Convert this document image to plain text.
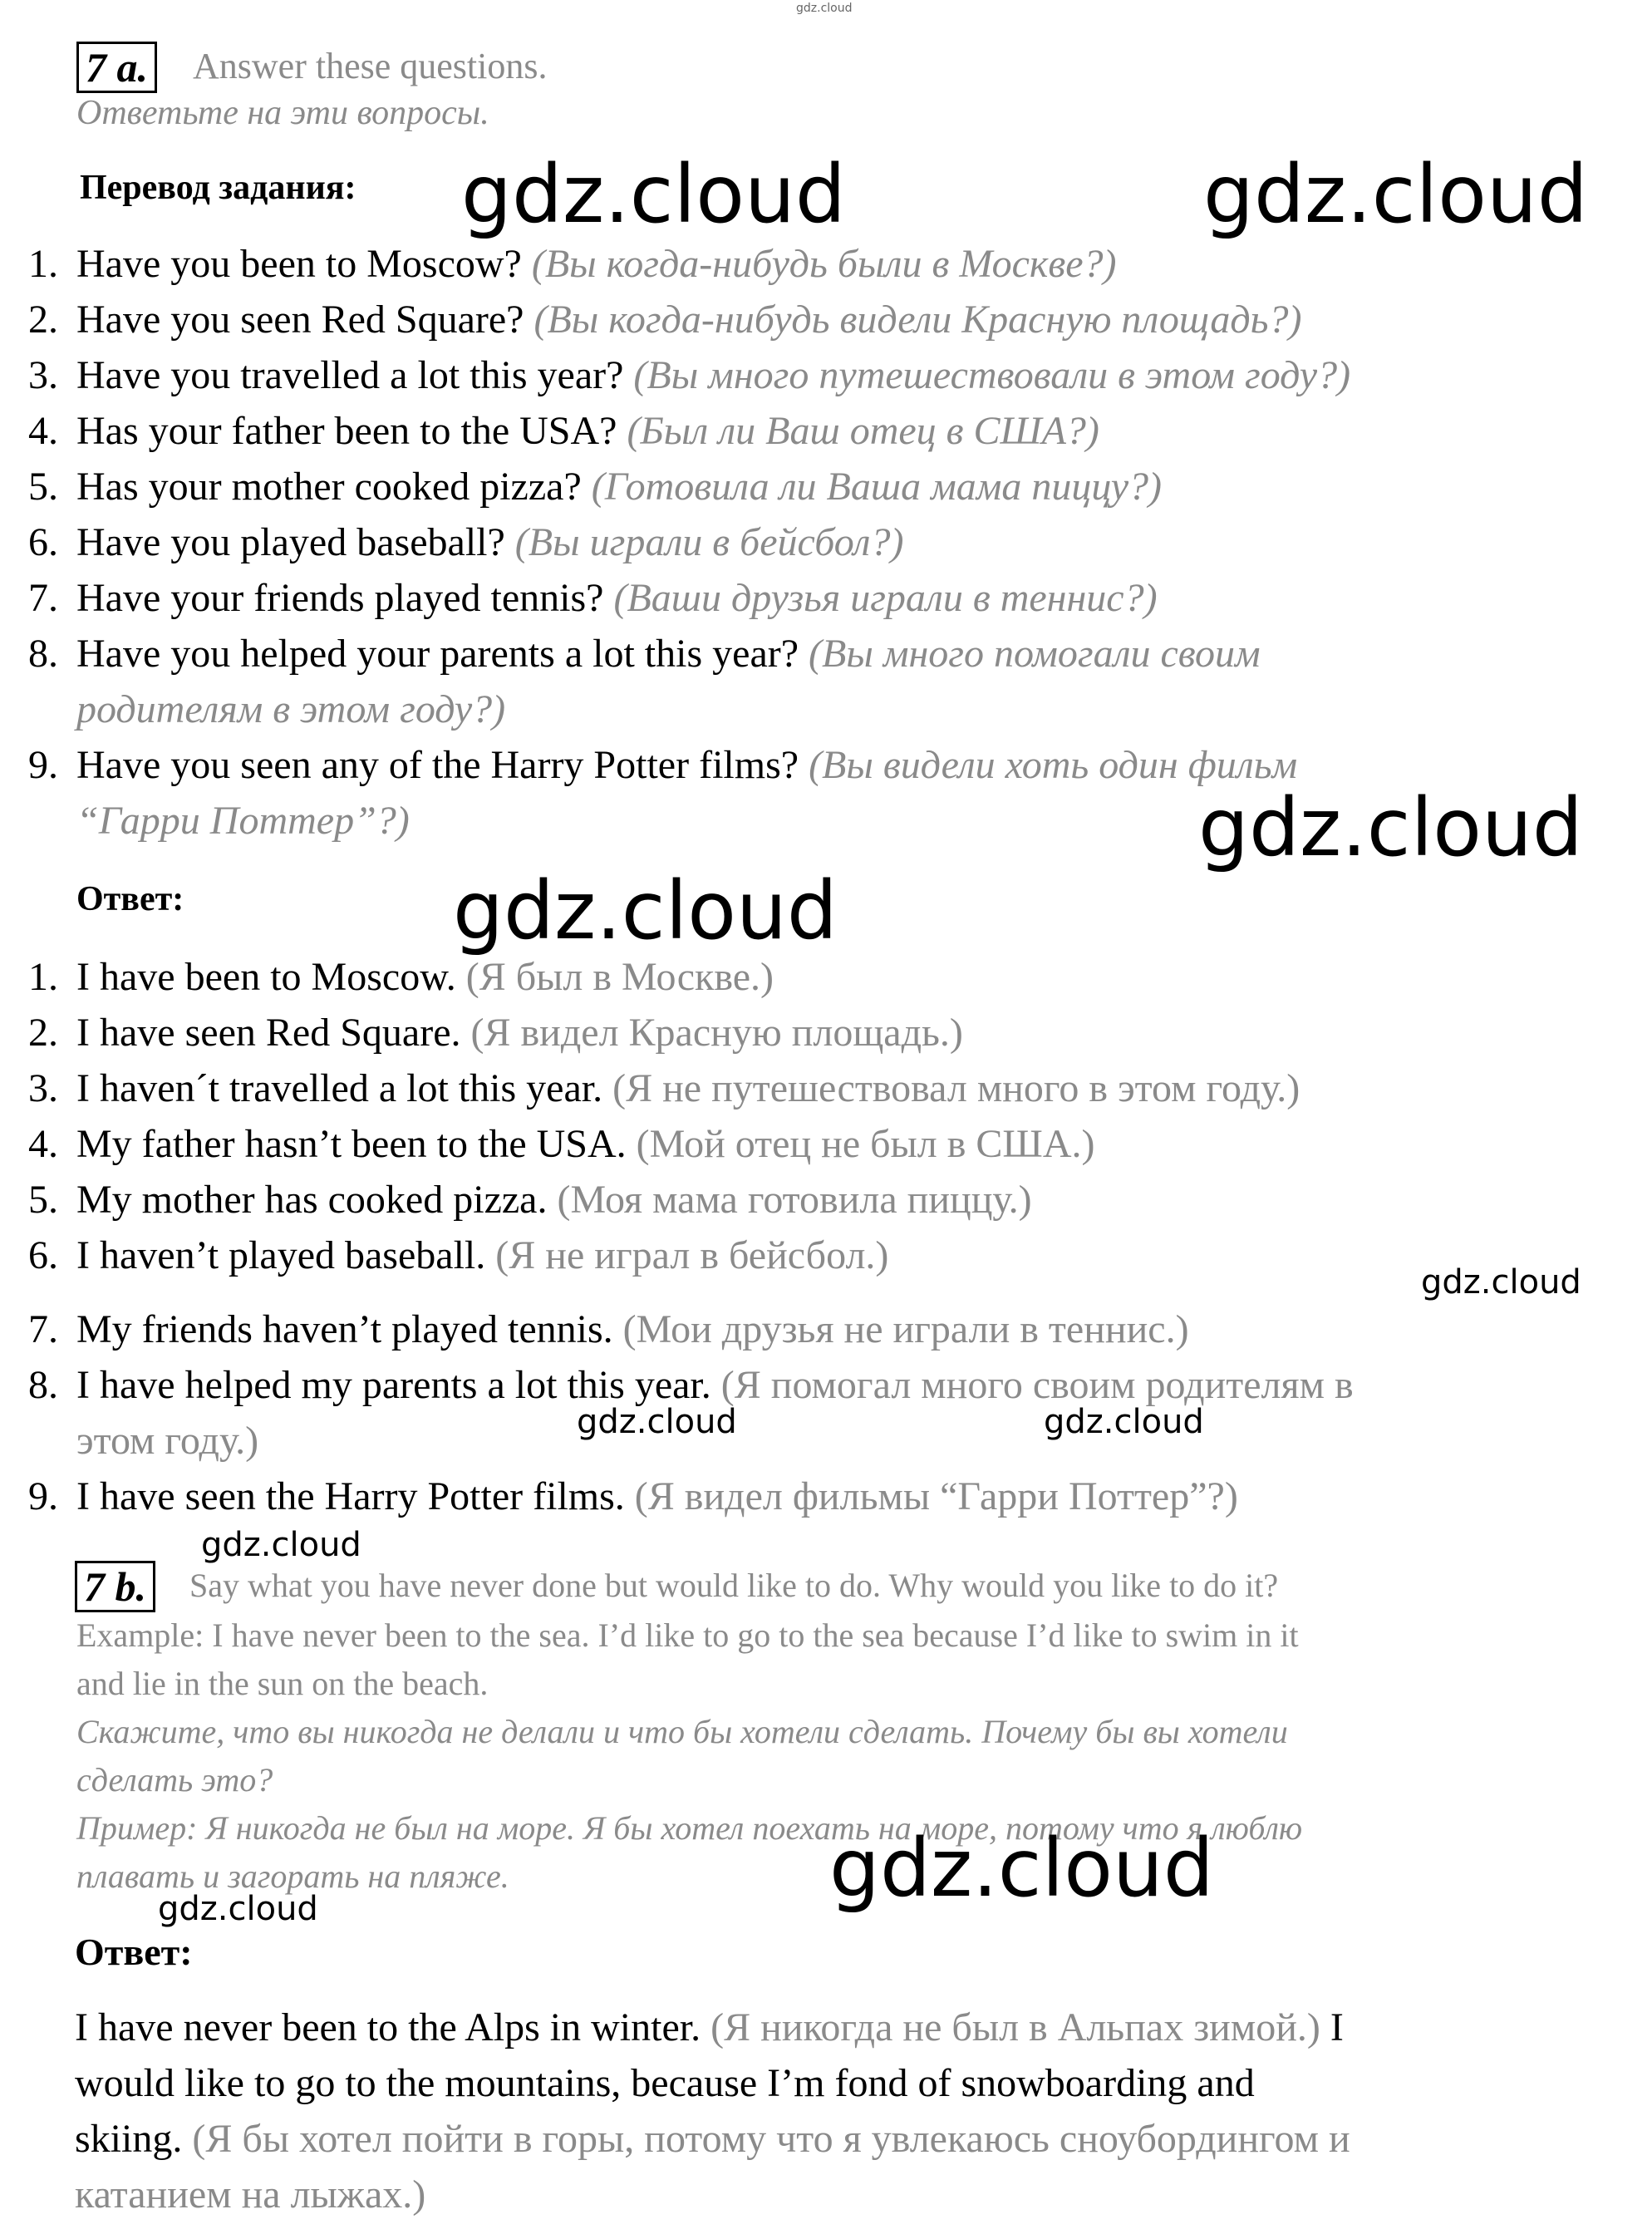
gdz.cloud
7 a. Answer these questions.
Ответьте на эти вопросы.
Перевод задания:
1. Have you been to Moscow? (Вы когда-нибудь были в Москве?)
2. Have you seen Red Square? (Вы когда-нибудь видели Красную площадь?)
3. Have you travelled a lot this year? (Вы много путешествовали в этом году?)
4. Has your father been to the USA? (Был ли Ваш отец в США?)
5. Has your mother cooked pizza? (Готовила ли Ваша мама пиццу?)
6. Have you played baseball? (Вы играли в бейсбол?)
7. Have your friends played tennis? (Ваши друзья играли в теннис?)
8. Have you helped your parents a lot this year? (Вы много помогали своим
родителям в этом году?)
9. Have you seen any of the Harry Potter films? (Вы видели хоть один фильм
“Гарри Поттер”?)
Ответ:
1. I have been to Moscow. (Я был в Москве.)
2. I have seen Red Square. (Я видел Красную площадь.)
3. I haven´t travelled a lot this year. (Я не путешествовал много в этом году.)
4. My father hasn’t been to the USA. (Мой отец не был в США.)
5. My mother has cooked pizza. (Моя мама готовила пиццу.)
6. I haven’t played baseball. (Я не играл в бейсбол.)
7. My friends haven’t played tennis. (Мои друзья не играли в теннис.)
8. I have helped my parents a lot this year. (Я помогал много своим родителям в
этом году.)
9. I have seen the Harry Potter films. (Я видел фильмы “Гарри Поттер”?)
7 b. Say what you have never done but would like to do. Why would you like to do it?
Example: I have never been to the sea. I’d like to go to the sea because I’d like to swim in it
and lie in the sun on the beach.
Скажите, что вы никогда не делали и что бы хотели сделать. Почему бы вы хотели
сделать это?
Пример: Я никогда не был на море. Я бы хотел поехать на море, потому что я люблю
плавать и загорать на пляже.
Ответ:
I have never been to the Alps in winter. (Я никогда не был в Альпах зимой.) I
would like to go to the mountains, because I’m fond of snowboarding and
skiing. (Я бы хотел пойти в горы, потому что я увлекаюсь сноубордингом и
катанием на лыжах.)
gdz.cloud	gdz.cloud
gdz.cloud
gdz.cloud
gdz.cloud
gdz.cloud	gdz.cloud
gdz.cloud
gdz.cloud	gdz.cloud
